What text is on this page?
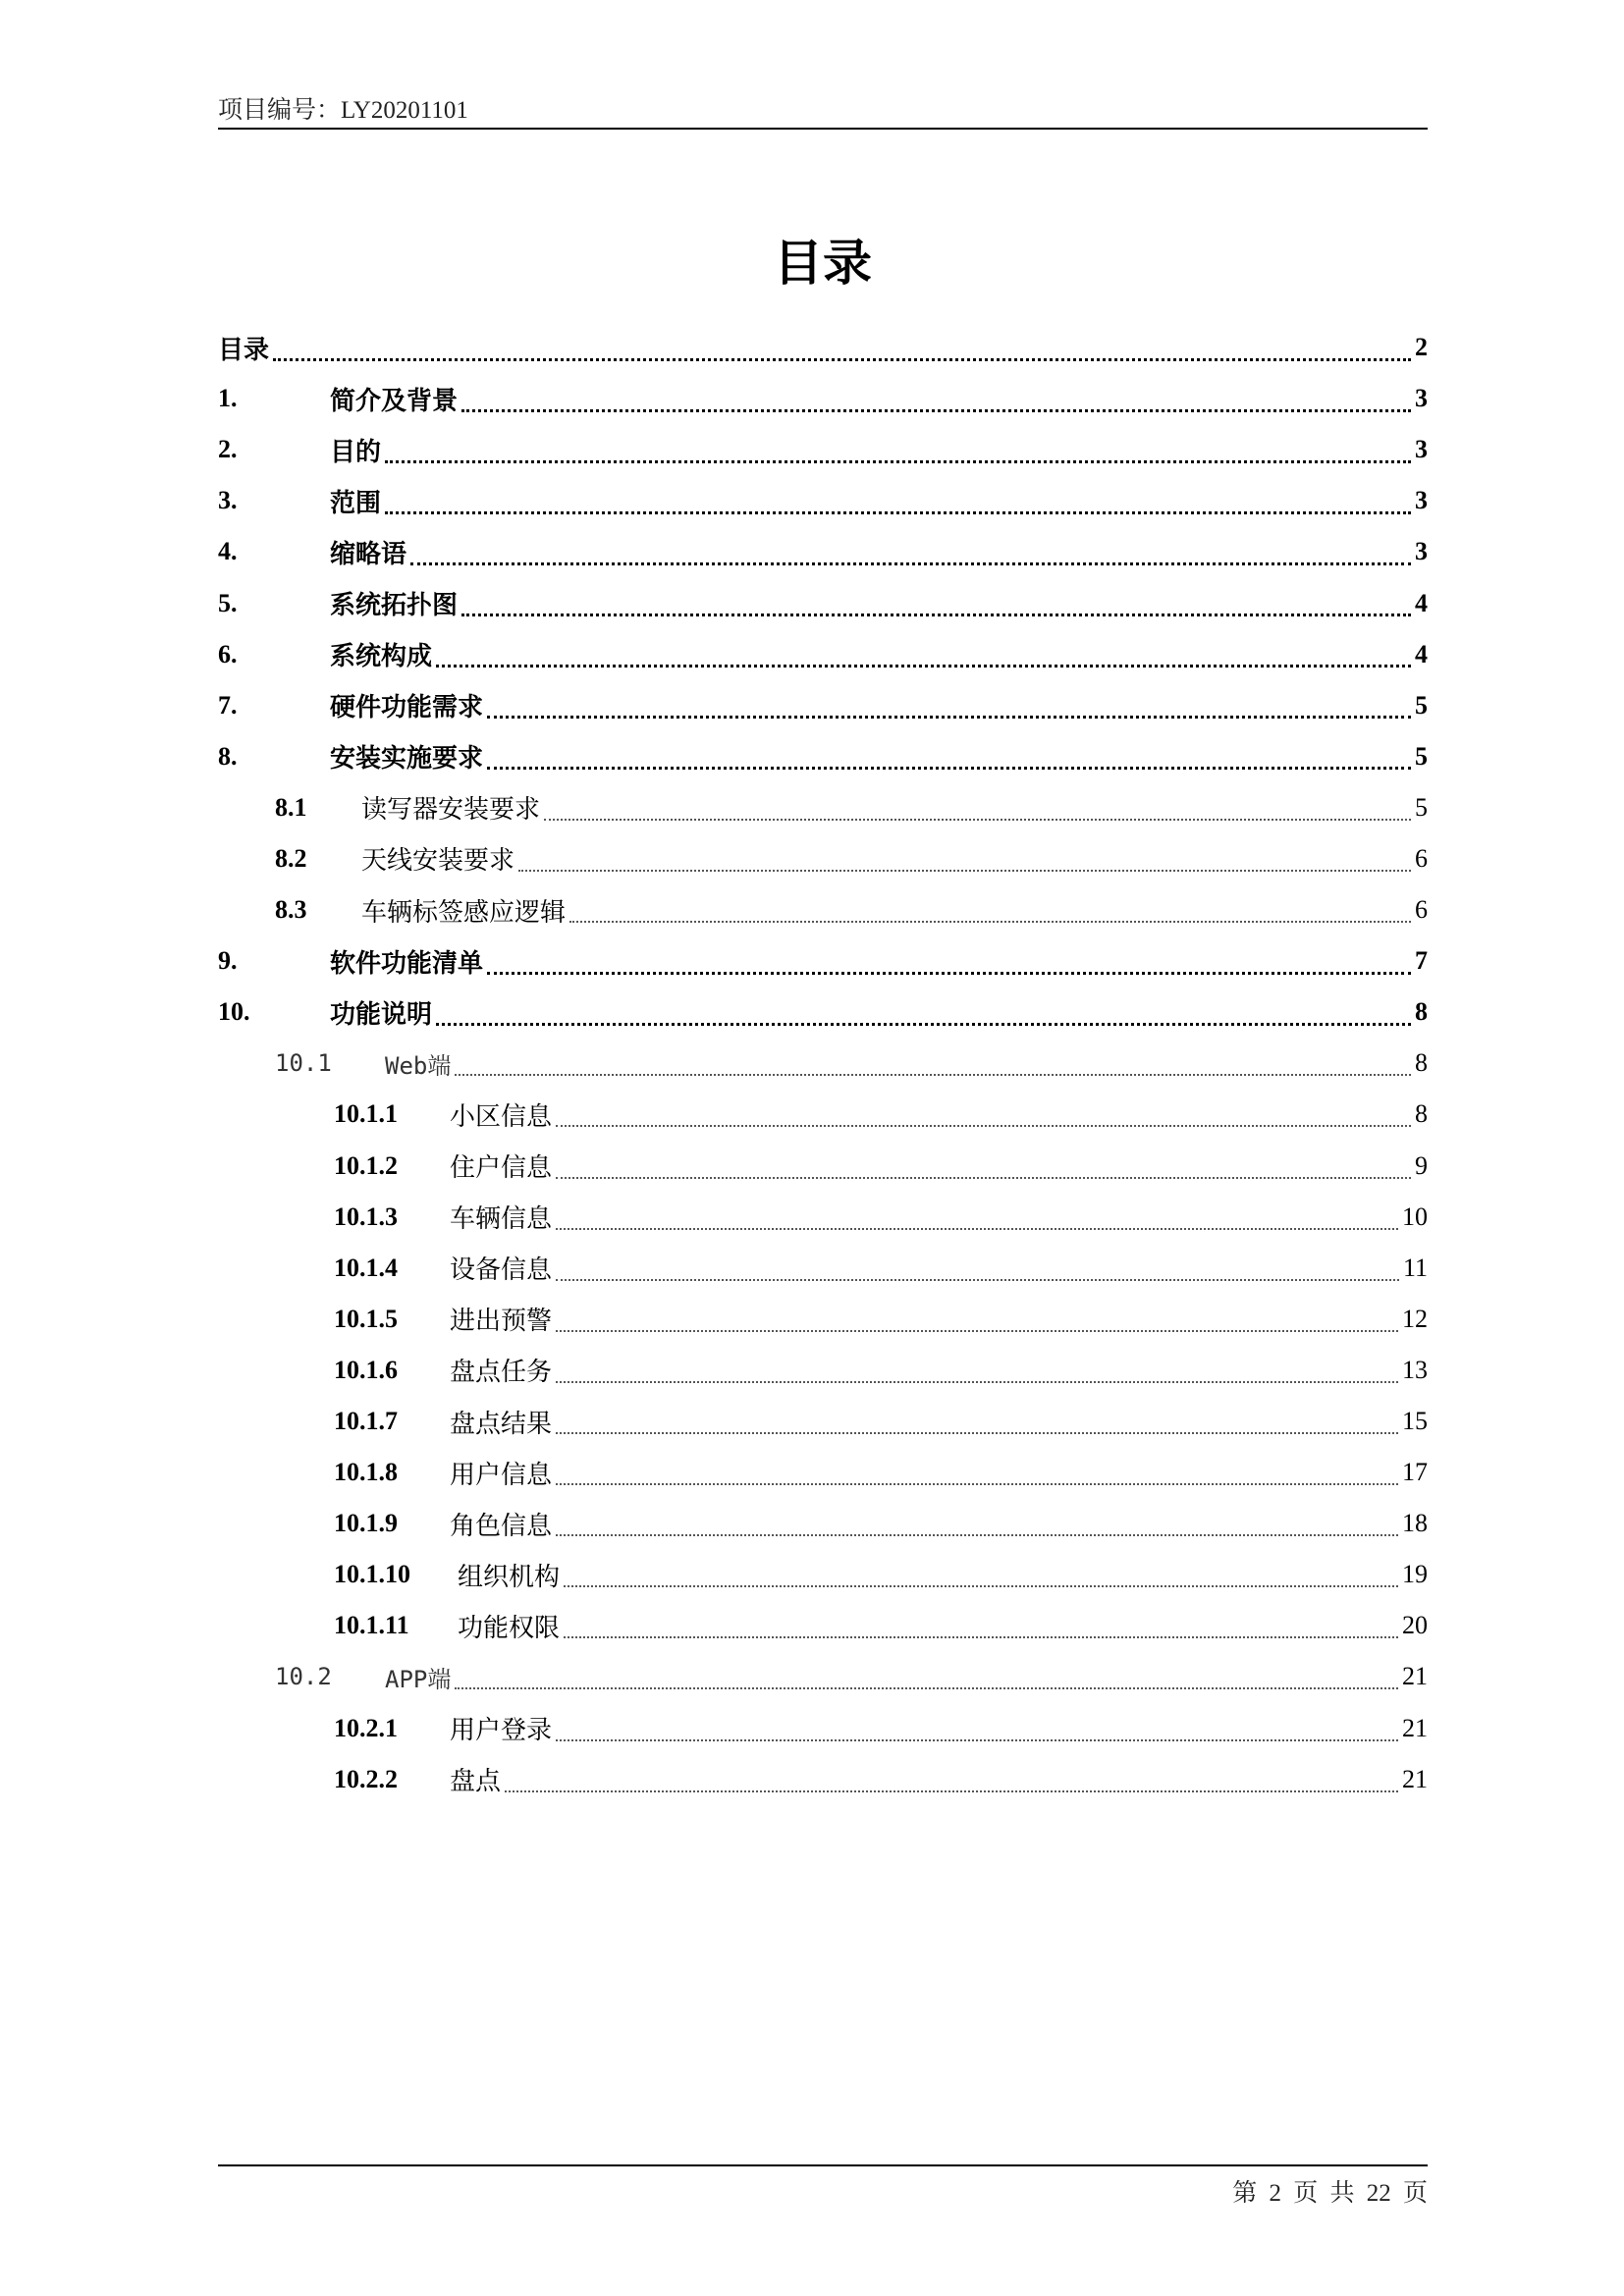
项目编号：LY20201101
目录
目录	2
1.	简介及背景	3
2.	目的	3
3.	范围	3
4.	缩略语	3
5.	系统拓扑图	4
6.	系统构成	4
7.	硬件功能需求	5
8.	安装实施要求	5
8.1	读写器安装要求	5
8.2	天线安装要求	6
8.3	车辆标签感应逻辑	6
9.	软件功能清单	7
10.	功能说明	8
10.1	Web端	8
10.1.1	小区信息	8
10.1.2	住户信息	9
10.1.3	车辆信息	10
10.1.4	设备信息	11
10.1.5	进出预警	12
10.1.6	盘点任务	13
10.1.7	盘点结果	15
10.1.8	用户信息	17
10.1.9	角色信息	18
10.1.10	组织机构	19
10.1.11	功能权限	20
10.2	APP端	21
10.2.1	用户登录	21
10.2.2	盘点	21
第 2 页 共 22 页
